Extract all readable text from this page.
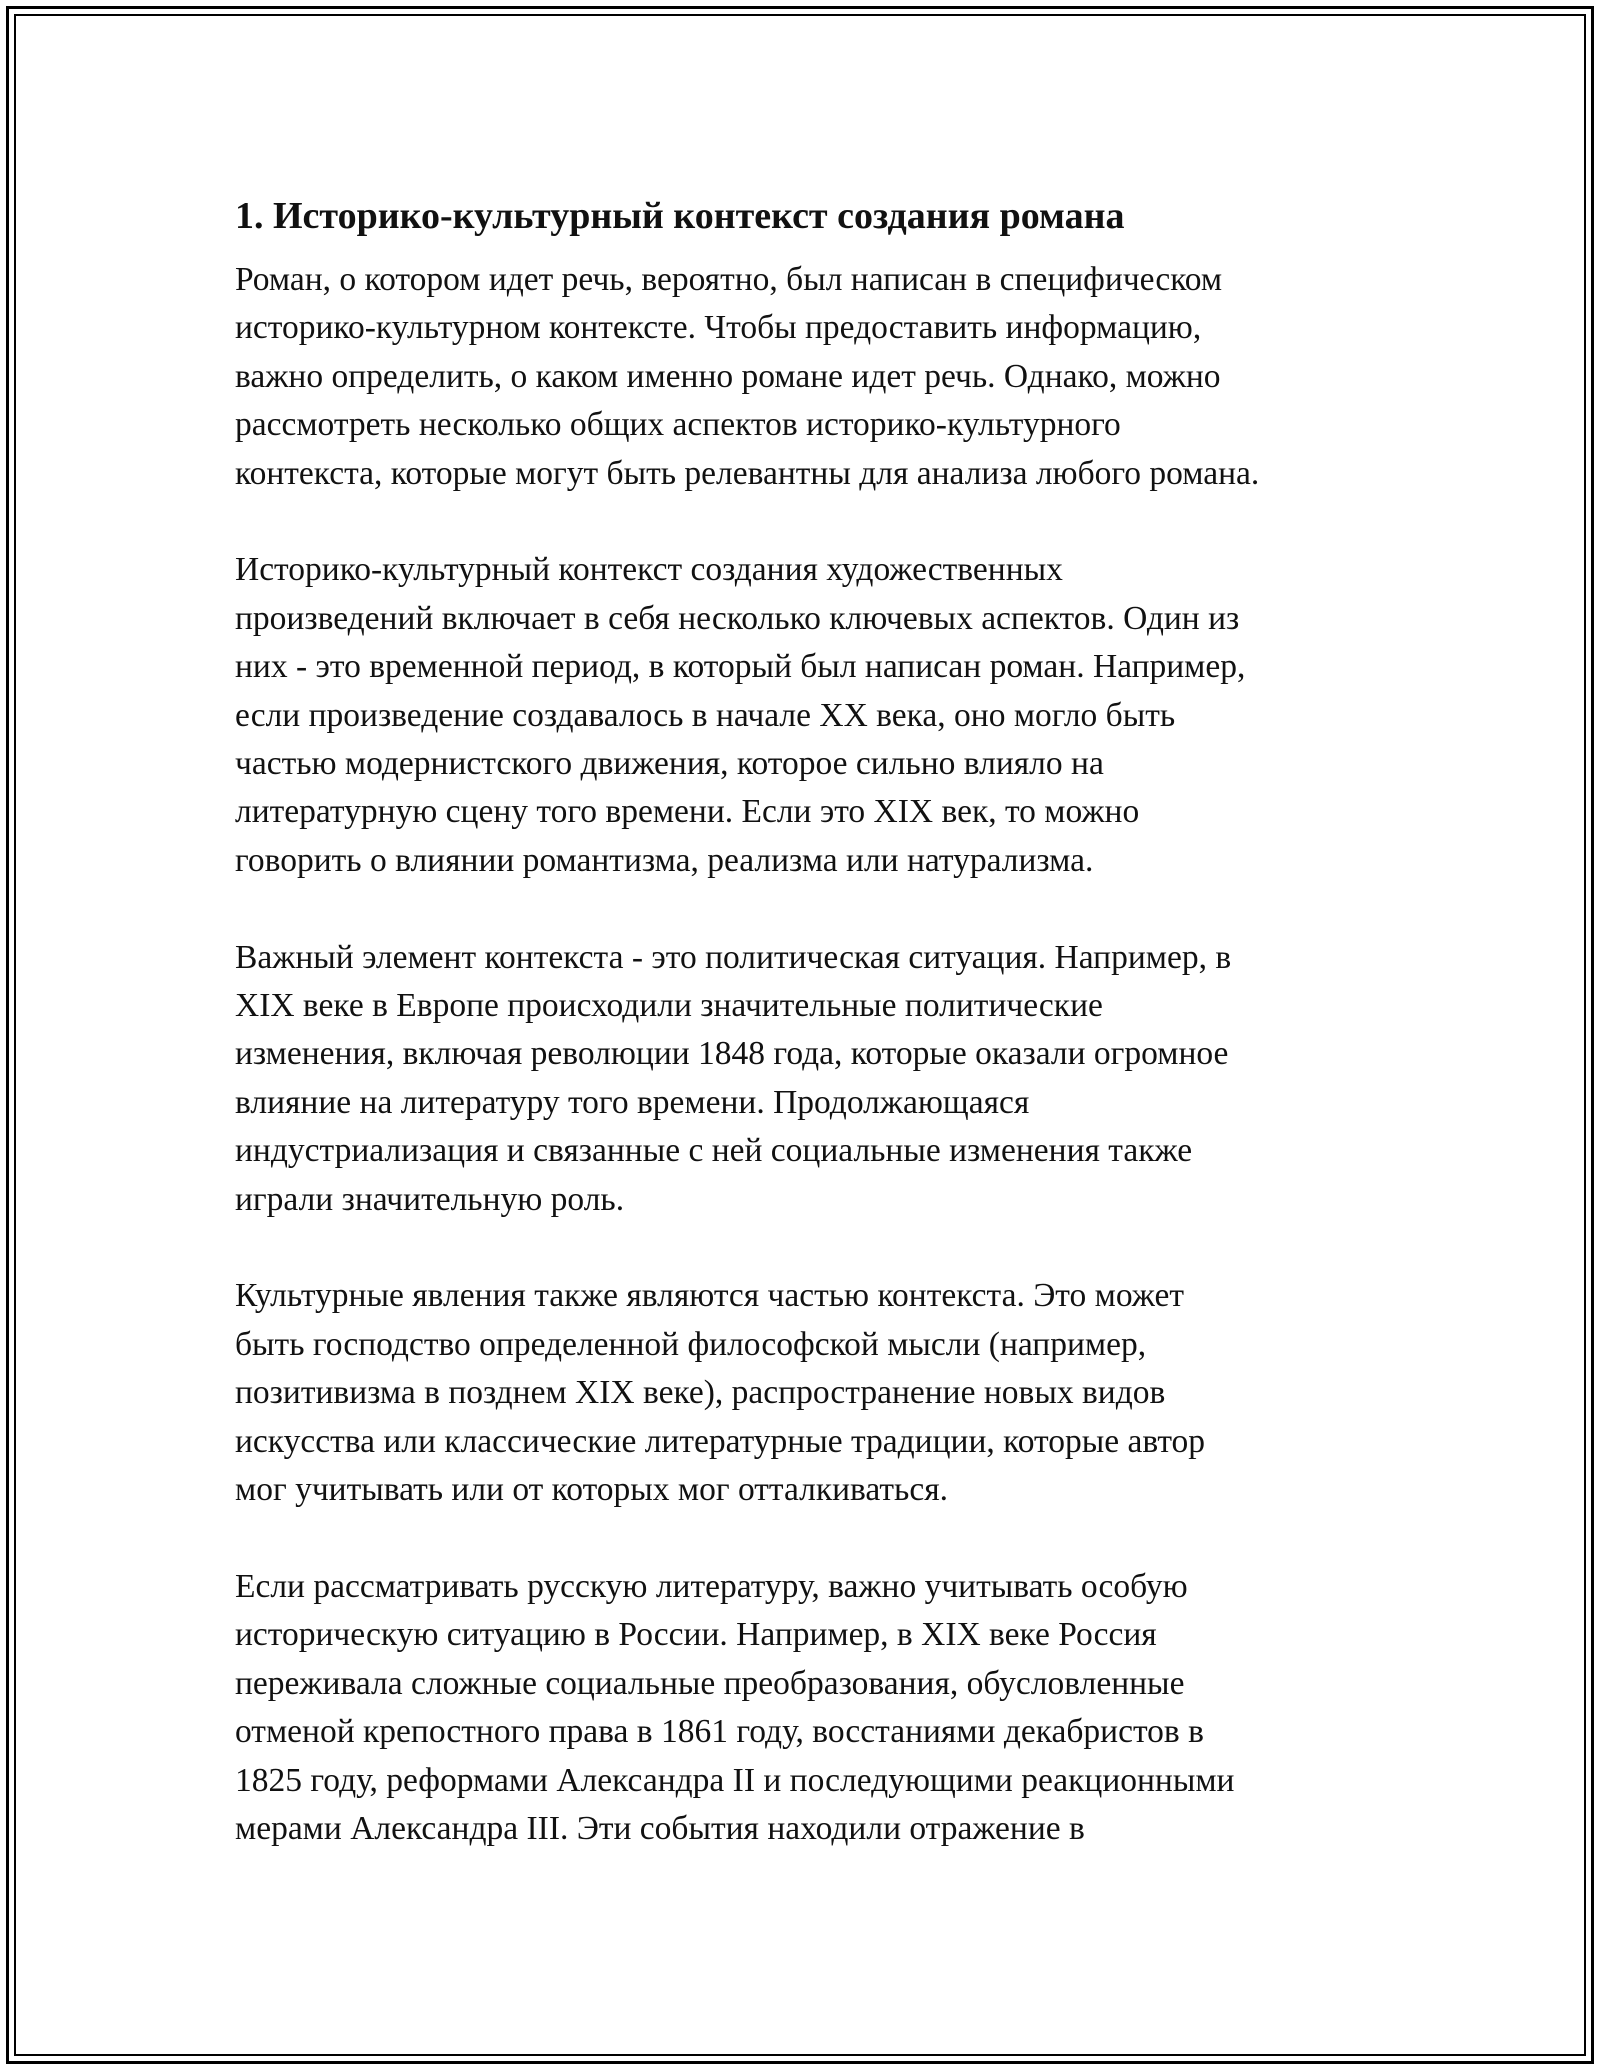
1. Историко-культурный контекст создания романа

Роман, о котором идет речь, вероятно, был написан в специфическом
историко-культурном контексте. Чтобы предоставить информацию,
важно определить, о каком именно романе идет речь. Однако, можно
рассмотреть несколько общих аспектов историко-культурного
контекста, которые могут быть релевантны для анализа любого романа.

Историко-культурный контекст создания художественных
произведений включает в себя несколько ключевых аспектов. Один из
них - это временной период, в который был написан роман. Например,
если произведение создавалось в начале XX века, оно могло быть
частью модернистского движения, которое сильно влияло на
литературную сцену того времени. Если это XIX век, то можно
говорить о влиянии романтизма, реализма или натурализма.

Важный элемент контекста - это политическая ситуация. Например, в
XIX веке в Европе происходили значительные политические
изменения, включая революции 1848 года, которые оказали огромное
влияние на литературу того времени. Продолжающаяся
индустриализация и связанные с ней социальные изменения также
играли значительную роль.

Культурные явления также являются частью контекста. Это может
быть господство определенной философской мысли (например,
позитивизма в позднем XIX веке), распространение новых видов
искусства или классические литературные традиции, которые автор
мог учитывать или от которых мог отталкиваться.

Если рассматривать русскую литературу, важно учитывать особую
историческую ситуацию в России. Например, в XIX веке Россия
переживала сложные социальные преобразования, обусловленные
отменой крепостного права в 1861 году, восстаниями декабристов в
1825 году, реформами Александра II и последующими реакционными
мерами Александра III. Эти события находили отражение в
